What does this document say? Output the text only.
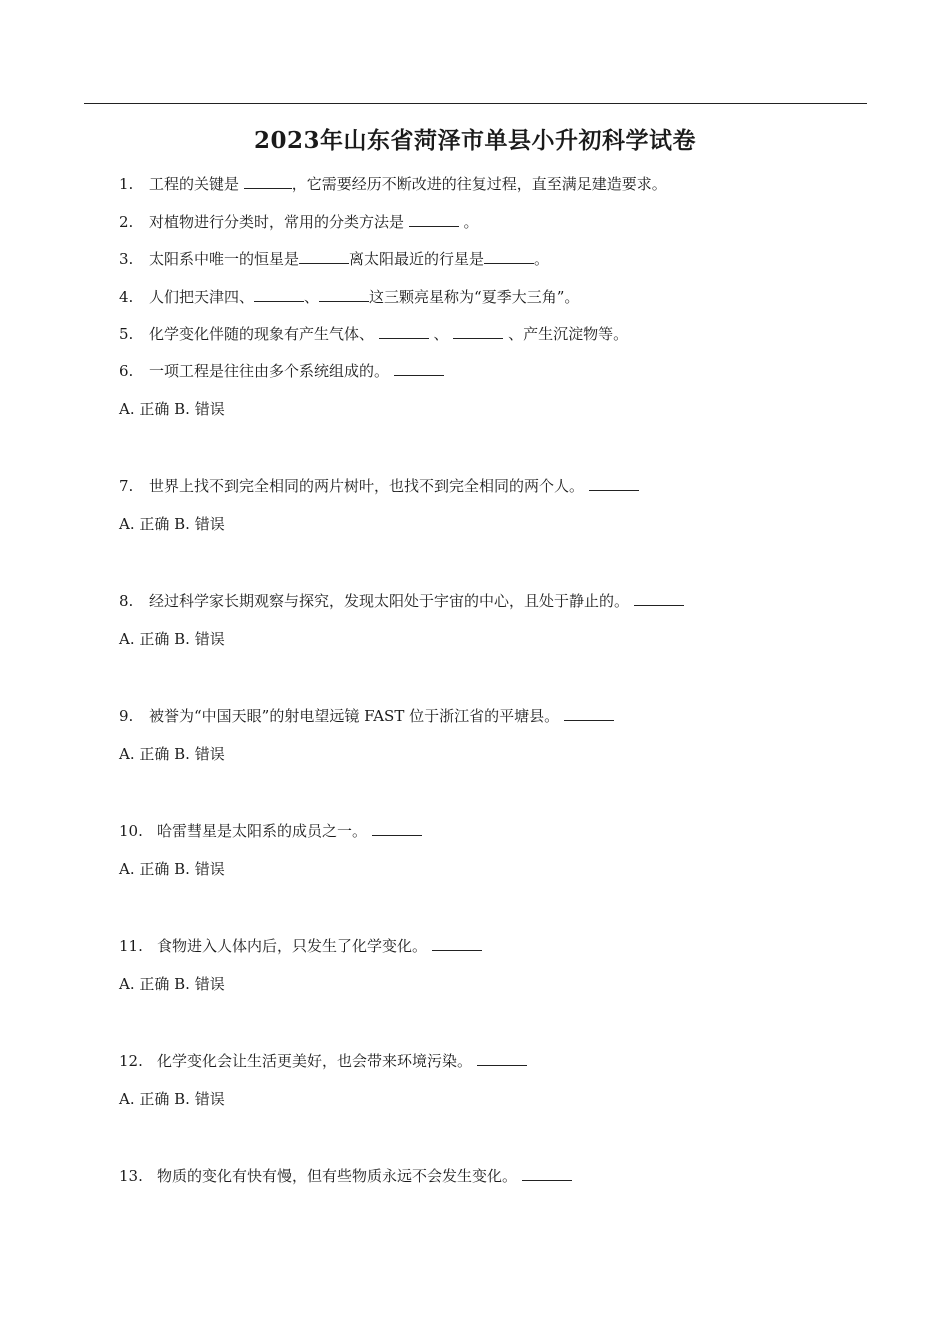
2023年山东省菏泽市单县小升初科学试卷
1. 工程的关键是	，它需要经历不断改进的往复过程，直至满足建造要求。
2. 对植物进行分类时，常用的分类方法是	。
3. 太阳系中唯一的恒星是	离太阳最近的行星是	。
4. 人们把天津四、	、	这三颗亮星称为“夏季大三角”。
5. 化学变化伴随的现象有产生气体、	、	、产生沉淀物等。
6. 一项工程是往往由多个系统组成的。
A. 正确 B. 错误
7. 世界上找不到完全相同的两片树叶，也找不到完全相同的两个人。
A. 正确 B. 错误
8. 经过科学家长期观察与探究，发现太阳处于宇宙的中心，且处于静止的。
A. 正确 B. 错误
9. 被誉为“中国天眼”的射电望远镜 FAST 位于浙江省的平塘县。
A. 正确 B. 错误
10. 哈雷彗星是太阳系的成员之一。
A. 正确 B. 错误
11. 食物进入人体内后，只发生了化学变化。
A. 正确 B. 错误
12. 化学变化会让生活更美好，也会带来环境污染。
A. 正确 B. 错误
13. 物质的变化有快有慢，但有些物质永远不会发生变化。
